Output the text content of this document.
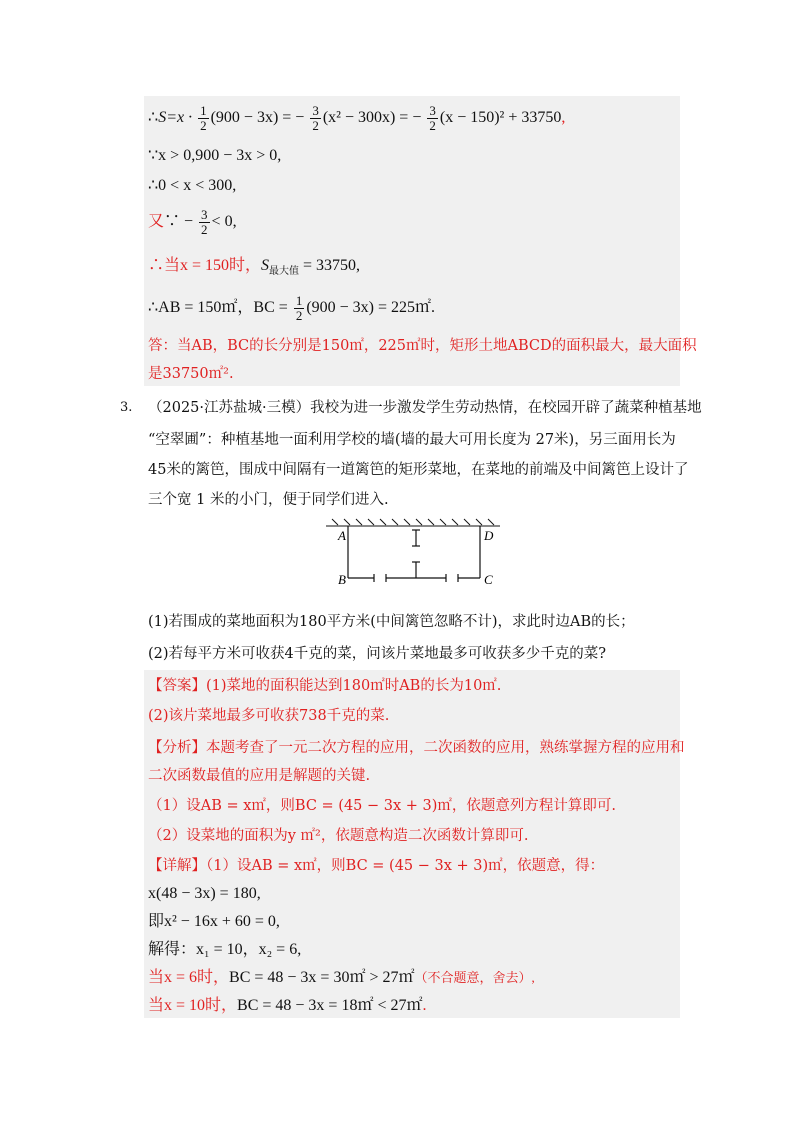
∴S=x · $\frac{1}{2} (900 - 3x)$ = − $\frac{3}{2} (x^2 - 300x)$ = − $\frac{3}{2} (x - 150)^2 + 33750$,
∵x > 0,900 − 3x > 0,
∴0 < x < 300,
又∵ − $\frac{3}{2} < 0$,
∴当x = 150时，$S_{最大值} = 33750$,
∴AB = 150㎡，BC = $\frac{1}{2} (900 - 3x)$ = 225㎡.
答：当AB，BC的长分别是150㎡，225㎡时，矩形土地ABCD的面积最大，最大面积
是33750㎡².
3. （2025·江苏盐城·三模）我校为进一步激发学生劳动热情，在校园开辟了蔬菜种植基地
“空翠圃”：种植基地一面利用学校的墙(墙的最大可用长度为 27米)，另三面用长为
45米的篱笆，围成中间隔有一道篱笆的矩形菜地，在菜地的前端及中间篱笆上设计了
三个宽 1 米的小门，便于同学们进入.
A	D
B	C
(1)若围成的菜地面积为180平方米(中间篱笆忽略不计)，求此时边AB的长；
(2)若每平方米可收获4千克的菜，问该片菜地最多可收获多少千克的菜?
【答案】(1)菜地的面积能达到180㎡时AB的长为10㎡.
(2)该片菜地最多可收获738千克的菜.
【分析】本题考查了一元二次方程的应用，二次函数的应用，熟练掌握方程的应用和
二次函数最值的应用是解题的关键.
（1）设AB = x㎡，则BC = (45 − 3x + 3)㎡，依题意列方程计算即可.
（2）设菜地的面积为y ㎡²，依题意构造二次函数计算即可.
【详解】（1）设AB = x㎡，则BC = (45 − 3x + 3)㎡，依题意，得：
x(48 − 3x) = 180,
即x² − 16x + 60 = 0,
解得：x₁ = 10，x₂ = 6,
当x = 6时，BC = 48 − 3x = 30㎡ > 27㎡（不合题意，舍去）,
当x = 10时，BC = 48 − 3x = 18㎡ < 27㎡.
